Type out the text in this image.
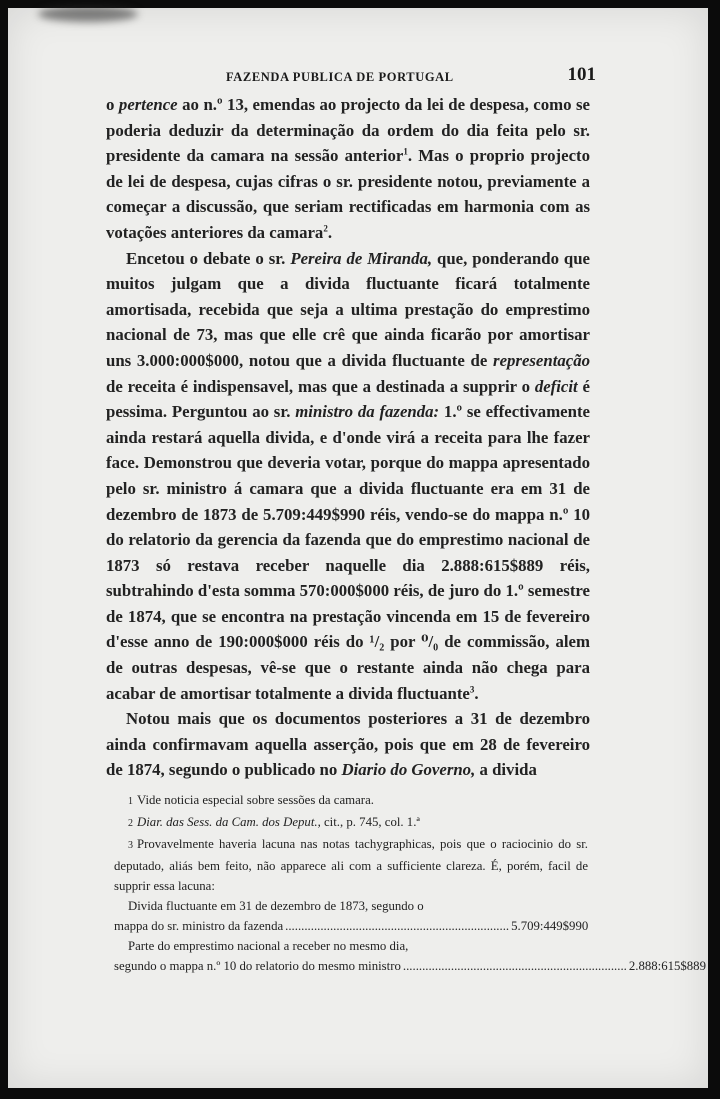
FAZENDA PUBLICA DE PORTUGAL	101

o pertence ao n.º 13, emendas ao projecto da lei de despesa, como se poderia deduzir da determinação da ordem do dia feita pelo sr. presidente da camara na sessão anterior$^1$. Mas o proprio projecto de lei de despesa, cujas cifras o sr. presidente notou, previamente a começar a discussão, que seriam rectificadas em harmonia com as votações anteriores da camara$^2$.

Encetou o debate o sr. Pereira de Miranda, que, ponderando que muitos julgam que a divida fluctuante ficará totalmente amortisada, recebida que seja a ultima prestação do emprestimo nacional de 73, mas que elle crê que ainda ficarão por amortisar uns 3.000:000$000, notou que a divida fluctuante de representação de receita é indispensavel, mas que a destinada a supprir o deficit é pessima. Perguntou ao sr. ministro da fazenda: 1.º se effectivamente ainda restará aquella divida, e d'onde virá a receita para lhe fazer face. Demonstrou que deveria votar, porque do mappa apresentado pelo sr. ministro á camara que a divida fluctuante era em 31 de dezembro de 1873 de 5.709:449$990 réis, vendo-se do mappa n.º 10 do relatorio da gerencia da fazenda que do emprestimo nacional de 1873 só restava receber naquelle dia 2.888:615$889 réis, subtrahindo d'esta somma 570:000$000 réis, de juro do 1.º semestre de 1874, que se encontra na prestação vincenda em 15 de fevereiro d'esse anno de 190:000$000 réis do ¹/₂ por ⁰/₀ de commissão, alem de outras despesas, vê-se que o restante ainda não chega para acabar de amortisar totalmente a divida fluctuante$^3$.

Notou mais que os documentos posteriores a 31 de dezembro ainda confirmavam aquella asserção, pois que em 28 de fevereiro de 1874, segundo o publicado no Diario do Governo, a divida

1 Vide noticia especial sobre sessões da camara.

2 Diar. das Sess. da Cam. dos Deput., cit., p. 745, col. 1.ª

3 Provavelmente haveria lacuna nas notas tachygraphicas, pois que o raciocinio do sr. deputado, aliás bem feito, não apparece ali com a sufficiente clareza. É, porém, facil de supprir essa lacuna:

Divida fluctuante em 31 de dezembro de 1873, segundo o

mappa do sr. ministro da fazenda ...................................................................... 5.709:449$990

Parte do emprestimo nacional a receber no mesmo dia,

segundo o mappa n.º 10 do relatorio do mesmo ministro ...................................................................... 2.888:615$889
